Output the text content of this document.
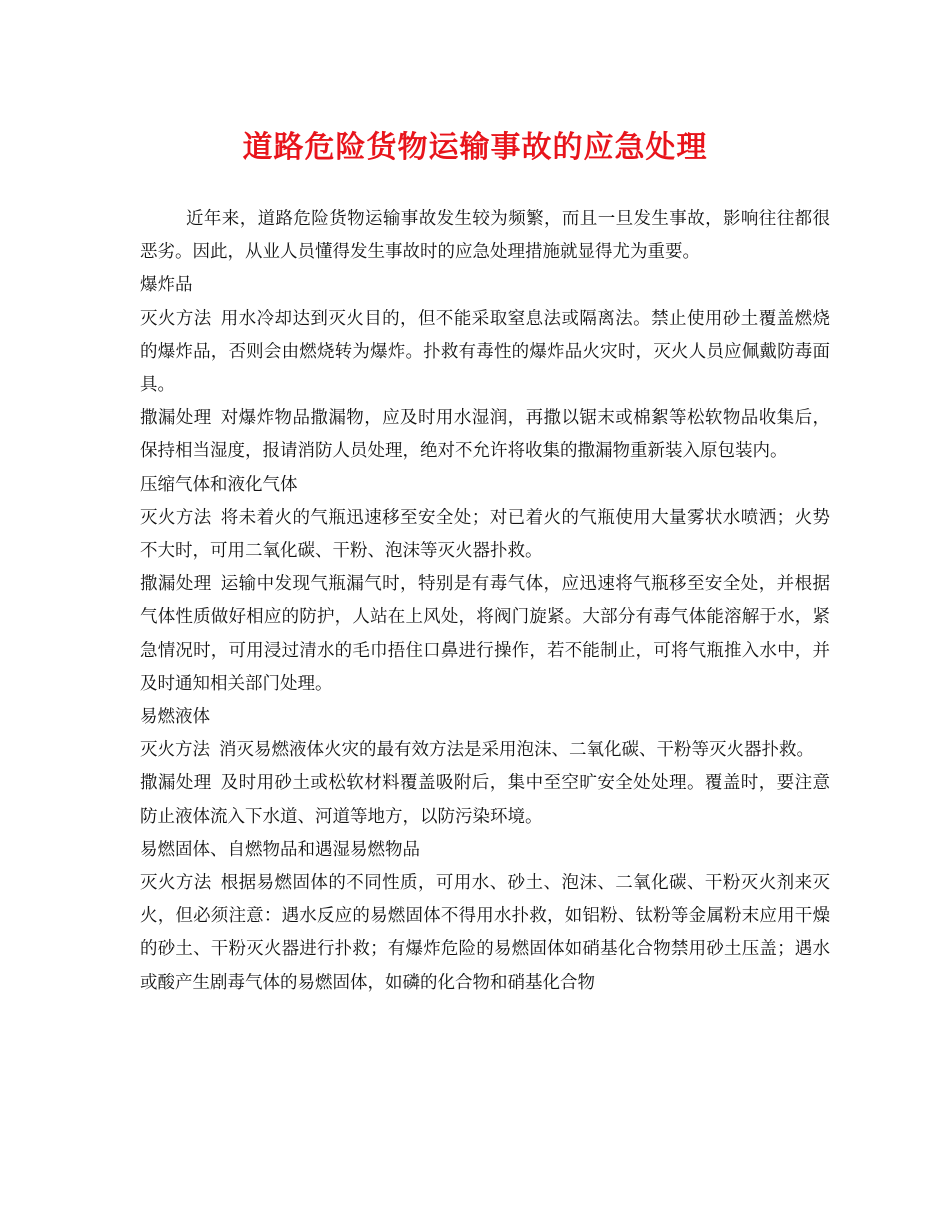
道路危险货物运输事故的应急处理

近年来，道路危险货物运输事故发生较为频繁，而且一旦发生事故，影响往往都很恶劣。因此，从业人员懂得发生事故时的应急处理措施就显得尤为重要。

爆炸品

灭火方法 用水冷却达到灭火目的，但不能采取窒息法或隔离法。禁止使用砂土覆盖燃烧的爆炸品，否则会由燃烧转为爆炸。扑救有毒性的爆炸品火灾时，灭火人员应佩戴防毒面具。

撒漏处理 对爆炸物品撒漏物，应及时用水湿润，再撒以锯末或棉絮等松软物品收集后，保持相当湿度，报请消防人员处理，绝对不允许将收集的撒漏物重新装入原包装内。

压缩气体和液化气体

灭火方法 将未着火的气瓶迅速移至安全处；对已着火的气瓶使用大量雾状水喷洒；火势不大时，可用二氧化碳、干粉、泡沫等灭火器扑救。

撒漏处理 运输中发现气瓶漏气时，特别是有毒气体，应迅速将气瓶移至安全处，并根据气体性质做好相应的防护，人站在上风处，将阀门旋紧。大部分有毒气体能溶解于水，紧急情况时，可用浸过清水的毛巾捂住口鼻进行操作，若不能制止，可将气瓶推入水中，并及时通知相关部门处理。

易燃液体

灭火方法 消灭易燃液体火灾的最有效方法是采用泡沫、二氧化碳、干粉等灭火器扑救。

撒漏处理 及时用砂土或松软材料覆盖吸附后，集中至空旷安全处处理。覆盖时，要注意防止液体流入下水道、河道等地方，以防污染环境。

易燃固体、自燃物品和遇湿易燃物品

灭火方法 根据易燃固体的不同性质，可用水、砂土、泡沫、二氧化碳、干粉灭火剂来灭火，但必须注意：遇水反应的易燃固体不得用水扑救，如铝粉、钛粉等金属粉末应用干燥的砂土、干粉灭火器进行扑救；有爆炸危险的易燃固体如硝基化合物禁用砂土压盖；遇水或酸产生剧毒气体的易燃固体，如磷的化合物和硝基化合物
